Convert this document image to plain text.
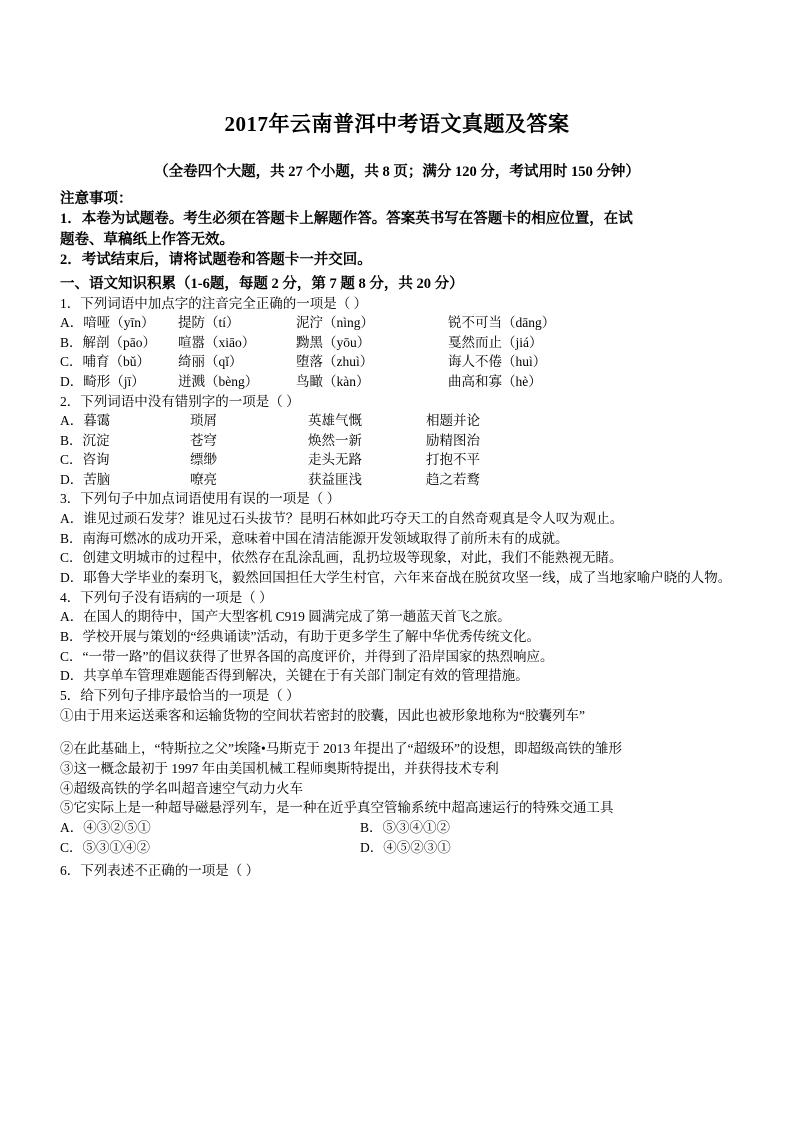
2017年云南普洱中考语文真题及答案
（全卷四个大题，共 27 个小题，共 8 页；满分 120 分，考试用时 150 分钟）
注意事项：
1．本卷为试题卷。考生必须在答题卡上解题作答。答案英书写在答题卡的相应位置，在试
题卷、草稿纸上作答无效。
2．考试结束后，请将试题卷和答题卡一并交回。
一、语文知识积累（1-6题，每题 2 分，第 7 题 8 分，共 20 分）
1．下列词语中加点字的注音完全正确的一项是（ ）
A．喑哑（yīn）	提防（tí）	泥泞（nìng）	锐不可当（dāng）
B．解剖（pāo）	喧嚣（xiāo）	黝黑（yōu）	戛然而止（jiá）
C．哺育（bǔ）	绮丽（qǐ）	堕落（zhuì）	诲人不倦（huì）
D．畸形（jī）	迸溅（bèng）	鸟瞰（kàn）	曲高和寡（hè）
2．下列词语中没有错别字的一项是（ ）
A．暮霭	琐屑	英雄气慨	相题并论
B．沉淀	苍穹	焕然一新	励精图治
C．咨询	缥缈	走头无路	打抱不平
D．苦脑	嘹亮	获益匪浅	趋之若鹜
3．下列句子中加点词语使用有误的一项是（ ）
A．谁见过顽石发芽？谁见过石头拔节？昆明石林如此巧夺天工的自然奇观真是令人叹为观止。
B．南海可燃冰的成功开采，意味着中国在清洁能源开发领域取得了前所未有的成就。
C．创建文明城市的过程中，依然存在乱涂乱画，乱扔垃圾等现象，对此，我们不能熟视无睹。
D．耶鲁大学毕业的秦玥飞，毅然回国担任大学生村官，六年来奋战在脱贫攻坚一线，成了当地家喻户晓的人物。
4．下列句子没有语病的一项是（ ）
A．在国人的期待中，国产大型客机 C919 圆满完成了第一趟蓝天首飞之旅。
B．学校开展与策划的“经典诵读”活动，有助于更多学生了解中华优秀传统文化。
C．“一带一路”的倡议获得了世界各国的高度评价，并得到了沿岸国家的热烈响应。
D．共享单车管理难题能否得到解决，关键在于有关部门制定有效的管理措施。
5．给下列句子排序最恰当的一项是（ ）
①由于用来运送乘客和运输货物的空间状若密封的胶囊，因此也被形象地称为“胶囊列车”
②在此基础上，“特斯拉之父”埃隆•马斯克于 2013 年提出了“超级环”的设想，即超级高铁的雏形
③这一概念最初于 1997 年由美国机械工程师奥斯特提出，并获得技术专利
④超级高铁的学名叫超音速空气动力火车
⑤它实际上是一种超导磁悬浮列车，是一种在近乎真空管输系统中超高速运行的特殊交通工具
A．④③②⑤①	B．⑤③④①②
C．⑤③①④②	D．④⑤②③①
6．下列表述不正确的一项是（ ）
